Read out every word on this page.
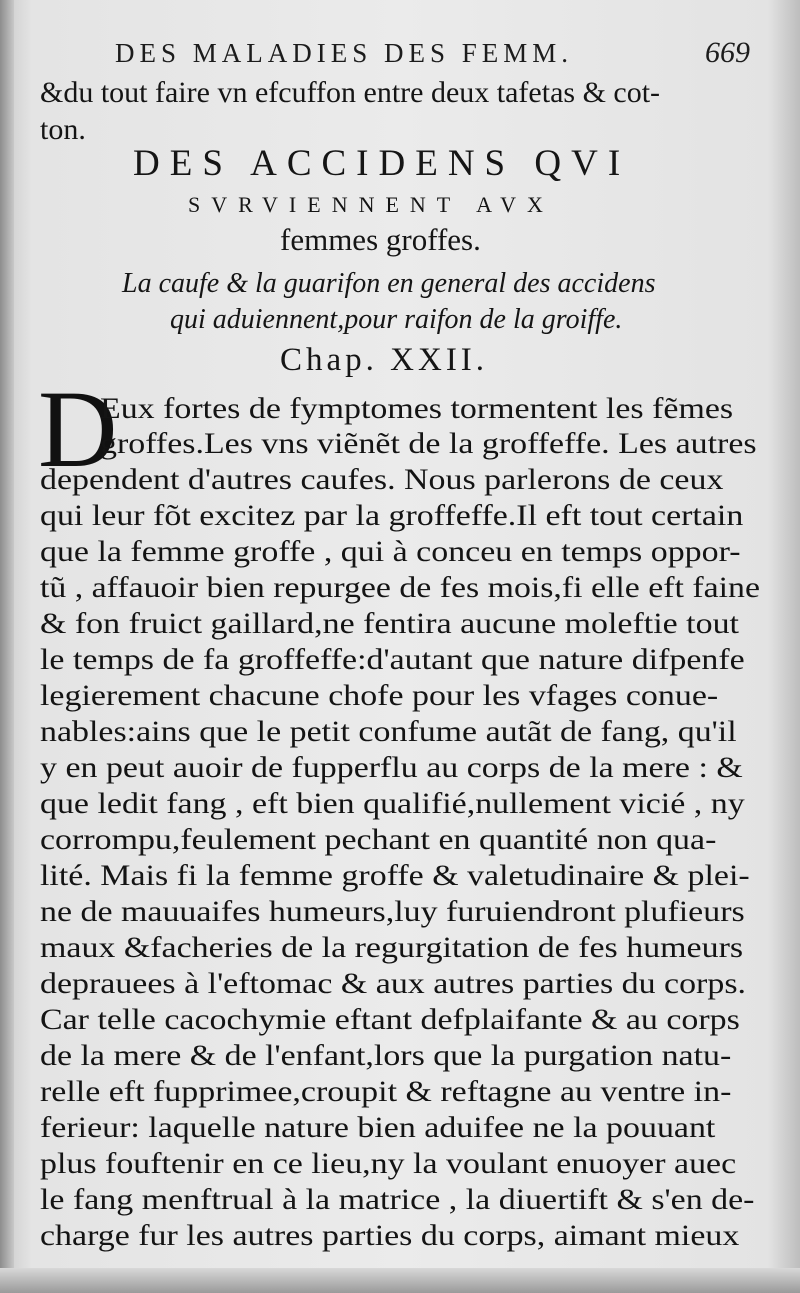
DES MALADIES DES FEMM.	669
&du tout faire vn efcuffon entre deux tafetas & cot-
ton.
DES ACCIDENS QVI
SVRVIENNENT AVX
femmes groffes.
La caufe & la guarifon en general des accidens
qui aduiennent,pour raifon de la groiffe.
Chap. XXII.
D
Eux fortes de fymptomes tormentent les fẽmes
groffes.Les vns viẽnẽt de la groffeffe. Les autres
dependent d'autres caufes. Nous parlerons de ceux
qui leur fõt excitez par la groffeffe.Il eft tout certain
que la femme groffe , qui à conceu en temps oppor-
tũ , affauoir bien repurgee de fes mois,fi elle eft faine
& fon fruict gaillard,ne fentira aucune moleftie tout
le temps de fa groffeffe:d'autant que nature difpenfe
legierement chacune chofe pour les vfages conue-
nables:ains que le petit confume autãt de fang, qu'il
y en peut auoir de fupperflu au corps de la mere : &
que ledit fang , eft bien qualifié,nullement vicié , ny
corrompu,feulement pechant en quantité non qua-
lité. Mais fi la femme groffe & valetudinaire & plei-
ne de mauuaifes humeurs,luy furuiendront plufieurs
maux &facheries de la regurgitation de fes humeurs
deprauees à l'eftomac & aux autres parties du corps.
Car telle cacochymie eftant defplaifante & au corps
de la mere & de l'enfant,lors que la purgation natu-
relle eft fupprimee,croupit & reftagne au ventre in-
ferieur: laquelle nature bien aduifee ne la pouuant
plus fouftenir en ce lieu,ny la voulant enuoyer auec
le fang menftrual à la matrice , la diuertift & s'en de-
charge fur les autres parties du corps, aimant mieux
